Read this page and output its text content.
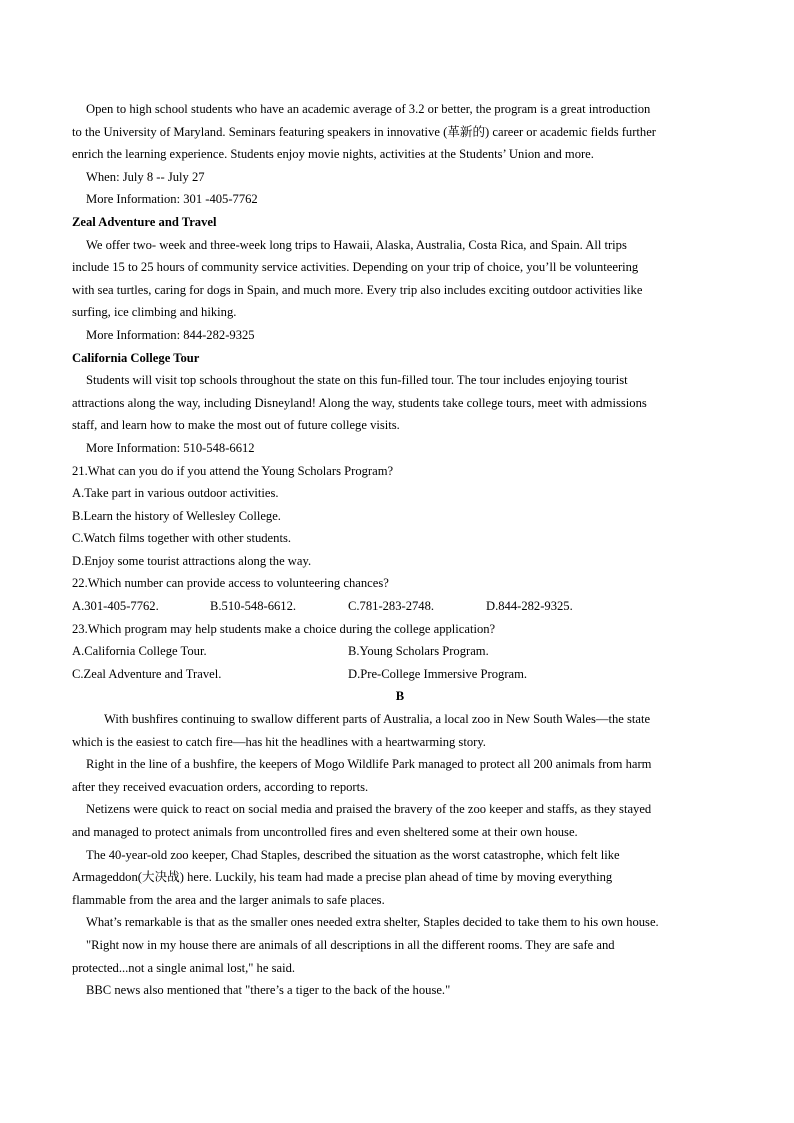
Open to high school students who have an academic average of 3.2 or better, the program is a great introduction

to the University of Maryland. Seminars featuring speakers in innovative (革新的) career or academic fields further

enrich the learning experience. Students enjoy movie nights, activities at the Students’ Union and more.

When: July 8 -- July 27

More Information: 301 -405-7762

Zeal Adventure and Travel

We offer two- week and three-week long trips to Hawaii, Alaska, Australia, Costa Rica, and Spain. All trips

include 15 to 25 hours of community service activities. Depending on your trip of choice, you’ll be volunteering

with sea turtles, caring for dogs in Spain, and much more. Every trip also includes exciting outdoor activities like

surfing, ice climbing and hiking.

More Information: 844-282-9325

California College Tour

Students will visit top schools throughout the state on this fun-filled tour. The tour includes enjoying tourist

attractions along the way, including Disneyland! Along the way, students take college tours, meet with admissions

staff, and learn how to make the most out of future college visits.

More Information: 510-548-6612

21.What can you do if you attend the Young Scholars Program?

A.Take part in various outdoor activities.

B.Learn the history of Wellesley College.

C.Watch films together with other students.

D.Enjoy some tourist attractions along the way.

22.Which number can provide access to volunteering chances?

A.301-405-7762.	B.510-548-6612.	C.781-283-2748.	D.844-282-9325.

23.Which program may help students make a choice during the college application?

A.California College Tour.	B.Young Scholars Program.
C.Zeal Adventure and Travel.	D.Pre-College Immersive Program.

B

With bushfires continuing to swallow different parts of Australia, a local zoo in New South Wales—the state

which is the easiest to catch fire—has hit the headlines with a heartwarming story.

Right in the line of a bushfire, the keepers of Mogo Wildlife Park managed to protect all 200 animals from harm

after they received evacuation orders, according to reports.

Netizens were quick to react on social media and praised the bravery of the zoo keeper and staffs, as they stayed

and managed to protect animals from uncontrolled fires and even sheltered some at their own house.

The 40-year-old zoo keeper, Chad Staples, described the situation as the worst catastrophe, which felt like

Armageddon(大决战) here. Luckily, his team had made a precise plan ahead of time by moving everything

flammable from the area and the larger animals to safe places.

What’s remarkable is that as the smaller ones needed extra shelter, Staples decided to take them to his own house.

"Right now in my house there are animals of all descriptions in all the different rooms. They are safe and

protected...not a single animal lost," he said.

BBC news also mentioned that "there’s a tiger to the back of the house."
